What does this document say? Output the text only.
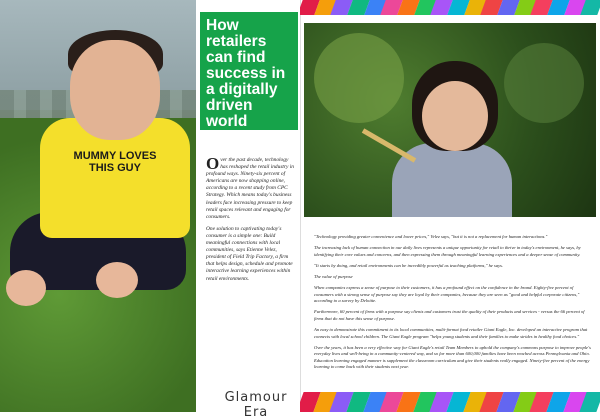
MUMMY LOVES THIS GUY
How retailers can find success in a digitally driven world

Over the past decade, technology has reshaped the retail industry in profound ways. Ninety-six percent of Americans are now shopping online, according to a recent study from CPC Strategy. Which means today's business leaders face increasing pressure to keep retail spaces relevant and engaging for consumers.

One solution to captivating today's consumer is a simple one: Build meaningful connections with local communities, says Etienne Velez, president of Field Trip Factory, a firm that helps design, schedule and promote interactive learning experiences within retail environments.

"Technology providing greater convenience and lower prices," Velez says, "but it is not a replacement for human interactions."

The increasing lack of human connection in our daily lives represents a unique opportunity for retail to thrive in today's environment, he says, by identifying their core values and concerns, and then expressing them through meaningful learning experiences and a deeper sense of community.

"It starts by doing, and retail environments can be incredibly powerful as teaching platforms," he says.

The value of purpose

When companies express a sense of purpose to their customers, it has a profound effect on the confidence in the brand. Eighty-five percent of consumers with a strong sense of purpose say they are loyal by their companies, because they are seen as "good and helpful corporate citizens," according to a survey by Deloitte.

Furthermore, 60 percent of firms with a purpose say clients and customers trust the quality of their products and services - versus the 66 percent of firms that do not have this sense of purpose.

An easy to demonstrate this commitment to its local communities, multi-format food retailer Giant Eagle, Inc. developed an interactive program that connects with local school children. The Giant Eagle program "helps young students and their families to make strides in healthy food choices."

Over the years, it has been a very effective way for Giant Eagle's retail Team Members to uphold the company's commons purpose to improve people's everyday lives and well-being in a community-centered way, and so far more than 600,000 families have been reached across Pennsylvania and Ohio. Education learning engaged manner is supplement the classroom curriculum and give their students really engaged. Ninety-five percent of the energy learning to come back with their students next year.

Glamour Era
